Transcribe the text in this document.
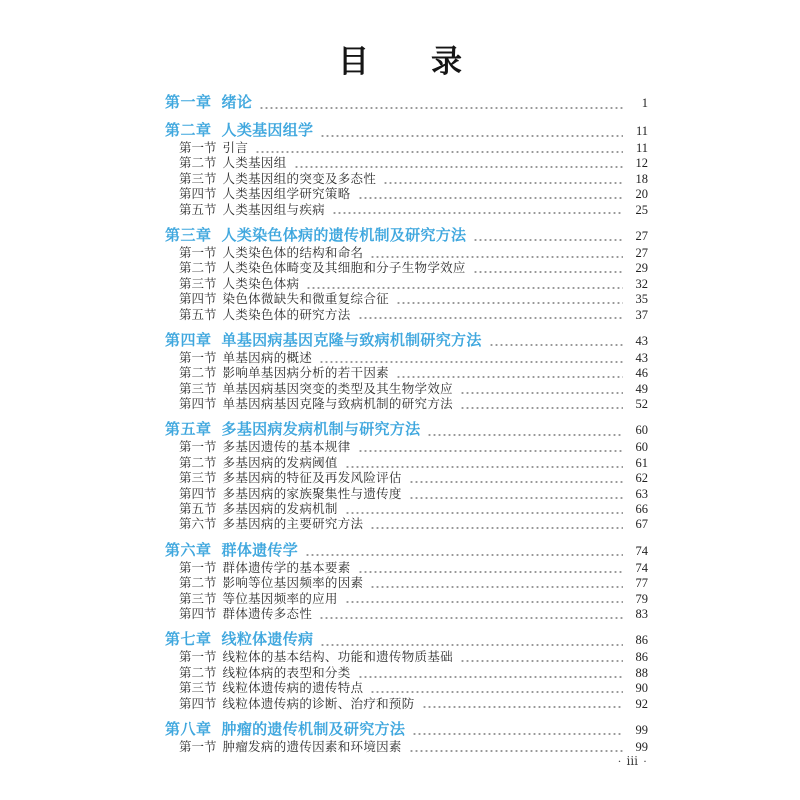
目　　录
第一章 绪论	1
第二章 人类基因组学	11
第一节 引言	11
第二节 人类基因组	12
第三节 人类基因组的突变及多态性	18
第四节 人类基因组学研究策略	20
第五节 人类基因组与疾病	25
第三章 人类染色体病的遗传机制及研究方法	27
第一节 人类染色体的结构和命名	27
第二节 人类染色体畸变及其细胞和分子生物学效应	29
第三节 人类染色体病	32
第四节 染色体微缺失和微重复综合征	35
第五节 人类染色体的研究方法	37
第四章 单基因病基因克隆与致病机制研究方法	43
第一节 单基因病的概述	43
第二节 影响单基因病分析的若干因素	46
第三节 单基因病基因突变的类型及其生物学效应	49
第四节 单基因病基因克隆与致病机制的研究方法	52
第五章 多基因病发病机制与研究方法	60
第一节 多基因遗传的基本规律	60
第二节 多基因病的发病阈值	61
第三节 多基因病的特征及再发风险评估	62
第四节 多基因病的家族聚集性与遗传度	63
第五节 多基因病的发病机制	66
第六节 多基因病的主要研究方法	67
第六章 群体遗传学	74
第一节 群体遗传学的基本要素	74
第二节 影响等位基因频率的因素	77
第三节 等位基因频率的应用	79
第四节 群体遗传多态性	83
第七章 线粒体遗传病	86
第一节 线粒体的基本结构、功能和遗传物质基础	86
第二节 线粒体病的表型和分类	88
第三节 线粒体遗传病的遗传特点	90
第四节 线粒体遗传病的诊断、治疗和预防	92
第八章 肿瘤的遗传机制及研究方法	99
第一节 肿瘤发病的遗传因素和环境因素	99
· ⅲ ·
